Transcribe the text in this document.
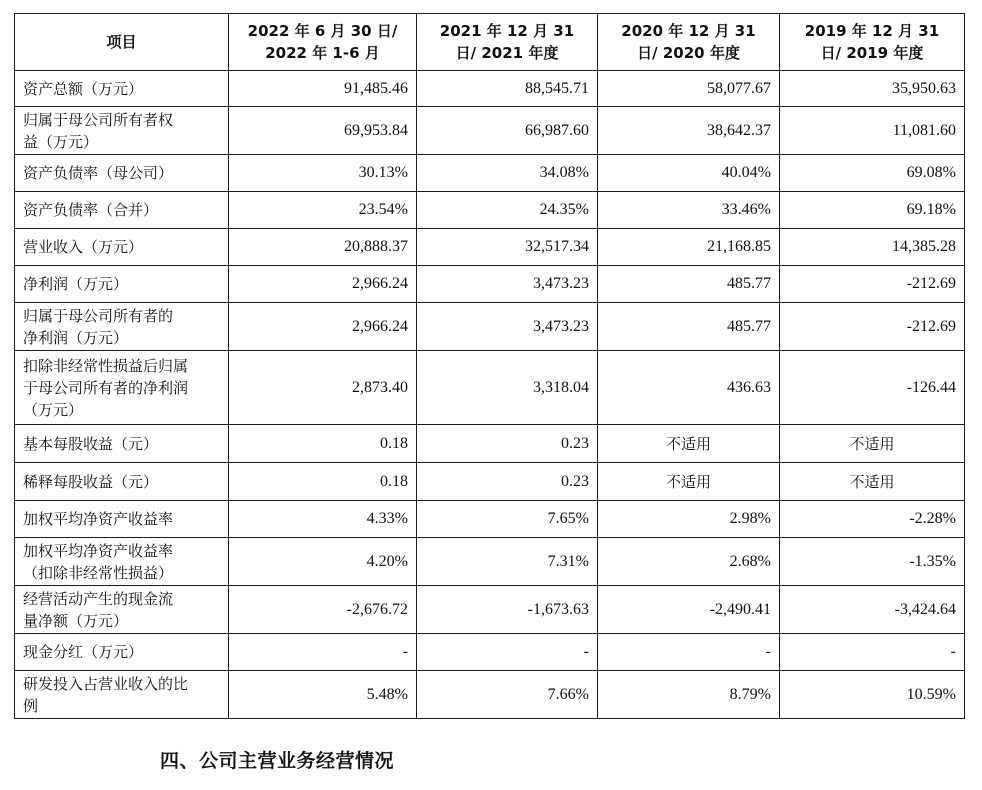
项目	2022 年 6 月 30 日/ 2022 年 1-6 月	2021 年 12 月 31 日/ 2021 年度	2020 年 12 月 31 日/ 2020 年度	2019 年 12 月 31 日/ 2019 年度
资产总额（万元）	91,485.46	88,545.71	58,077.67	35,950.63
归属于母公司所有者权益（万元）	69,953.84	66,987.60	38,642.37	11,081.60
资产负债率（母公司）	30.13%	34.08%	40.04%	69.08%
资产负债率（合并）	23.54%	24.35%	33.46%	69.18%
营业收入（万元）	20,888.37	32,517.34	21,168.85	14,385.28
净利润（万元）	2,966.24	3,473.23	485.77	-212.69
归属于母公司所有者的净利润（万元）	2,966.24	3,473.23	485.77	-212.69
扣除非经常性损益后归属于母公司所有者的净利润（万元）	2,873.40	3,318.04	436.63	-126.44
基本每股收益（元）	0.18	0.23	不适用	不适用
稀释每股收益（元）	0.18	0.23	不适用	不适用
加权平均净资产收益率	4.33%	7.65%	2.98%	-2.28%
加权平均净资产收益率（扣除非经常性损益）	4.20%	7.31%	2.68%	-1.35%
经营活动产生的现金流量净额（万元）	-2,676.72	-1,673.63	-2,490.41	-3,424.64
现金分红（万元）	-	-	-	-
研发投入占营业收入的比例	5.48%	7.66%	8.79%	10.59%
四、公司主营业务经营情况
